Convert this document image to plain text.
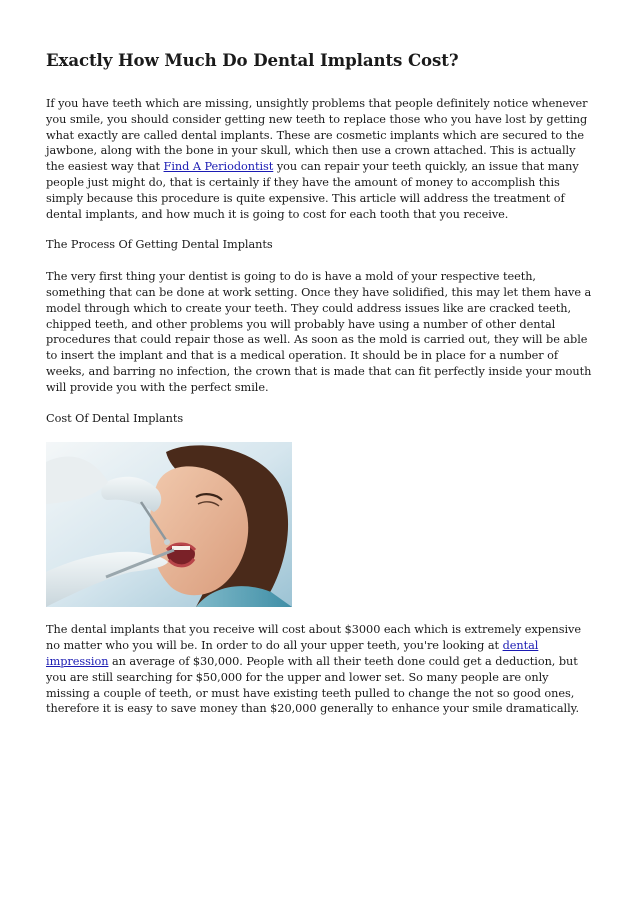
Exactly How Much Do Dental Implants Cost?

If you have teeth which are missing, unsightly problems that people definitely notice whenever you smile, you should consider getting new teeth to replace those who you have lost by getting what exactly are called dental implants. These are cosmetic implants which are secured to the jawbone, along with the bone in your skull, which then use a crown attached. This is actually the easiest way that Find A Periodontist you can repair your teeth quickly, an issue that many people just might do, that is certainly if they have the amount of money to accomplish this simply because this procedure is quite expensive. This article will address the treatment of dental implants, and how much it is going to cost for each tooth that you receive.

The Process Of Getting Dental Implants

The very first thing your dentist is going to do is have a mold of your respective teeth, something that can be done at work setting. Once they have solidified, this may let them have a model through which to create your teeth. They could address issues like are cracked teeth, chipped teeth, and other problems you will probably have using a number of other dental procedures that could repair those as well. As soon as the mold is carried out, they will be able to insert the implant and that is a medical operation. It should be in place for a number of weeks, and barring no infection, the crown that is made that can fit perfectly inside your mouth will provide you with the perfect smile.

Cost Of Dental Implants

The dental implants that you receive will cost about $3000 each which is extremely expensive no matter who you will be. In order to do all your upper teeth, you're looking at dental impression an average of $30,000. People with all their teeth done could get a deduction, but you are still searching for $50,000 for the upper and lower set. So many people are only missing a couple of teeth, or must have existing teeth pulled to change the not so good ones, therefore it is easy to save money than $20,000 generally to enhance your smile dramatically.
